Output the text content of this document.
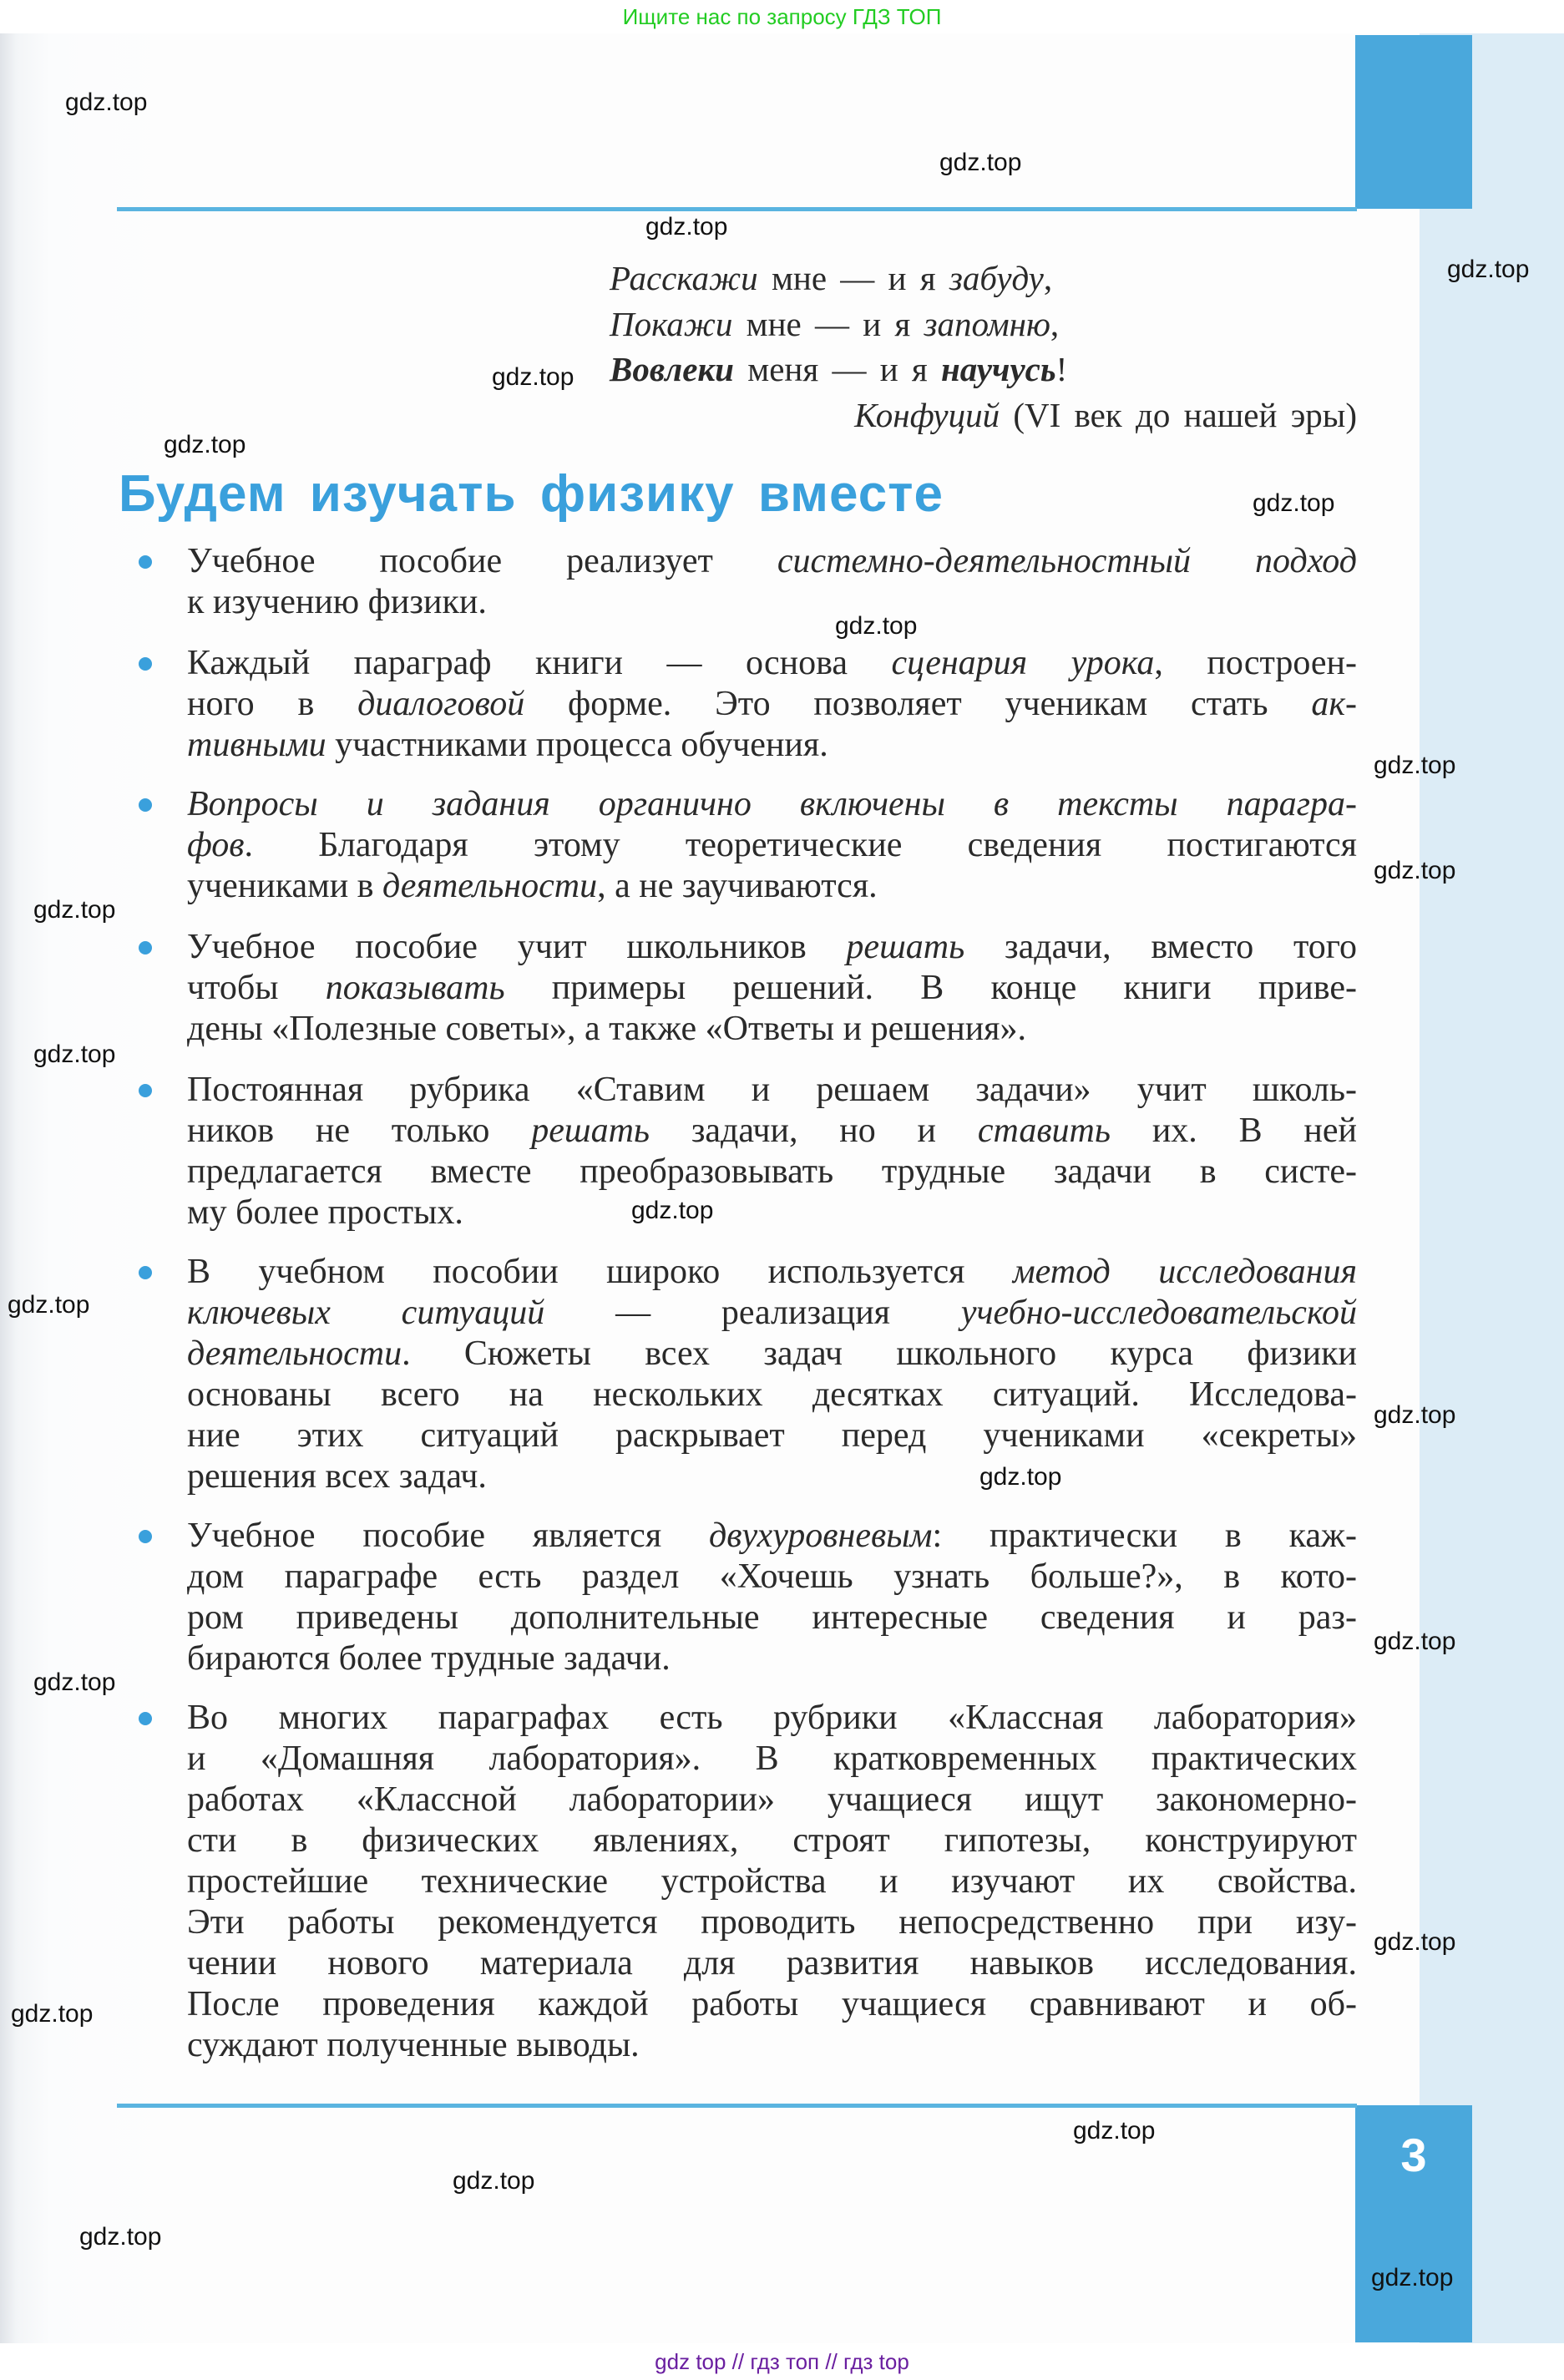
Ищите нас по запросу ГДЗ ТОП
3
Расскажи мне — и я забуду,
Покажи мне — и я запомню,
Вовлеки меня — и я научусь!
Конфуций (VI век до нашей эры)
Будем изучать физику вместе
Учебное пособие реализует системно-деятельностный подход
к изучению физики.
Каждый параграф книги — основа сценария урока, построен-
ного в диалоговой форме. Это позволяет ученикам стать ак-
тивными участниками процесса обучения.
Вопросы и задания органично включены в тексты парагра-
фов. Благодаря этому теоретические сведения постигаются
учениками в деятельности, а не заучиваются.
Учебное пособие учит школьников решать задачи, вместо того
чтобы показывать примеры решений. В конце книги приве-
дены «Полезные советы», а также «Ответы и решения».
Постоянная рубрика «Ставим и решаем задачи» учит школь-
ников не только решать задачи, но и ставить их. В ней
предлагается вместе преобразовывать трудные задачи в систе-
му более простых.
В учебном пособии широко используется метод исследования
ключевых ситуаций — реализация учебно-исследовательской
деятельности. Сюжеты всех задач школьного курса физики
основаны всего на нескольких десятках ситуаций. Исследова-
ние этих ситуаций раскрывает перед учениками «секреты»
решения всех задач.
Учебное пособие является двухуровневым: практически в каж-
дом параграфе есть раздел «Хочешь узнать больше?», в кото-
ром приведены дополнительные интересные сведения и раз-
бираются более трудные задачи.
Во многих параграфах есть рубрики «Классная лаборатория»
и «Домашняя лаборатория». В кратковременных практических
работах «Классной лаборатории» учащиеся ищут закономерно-
сти в физических явлениях, строят гипотезы, конструируют
простейшие технические устройства и изучают их свойства.
Эти работы рекомендуется проводить непосредственно при изу-
чении нового материала для развития навыков исследования.
После проведения каждой работы учащиеся сравнивают и об-
суждают полученные выводы.
gdz.top
gdz.top
gdz.top
gdz.top
gdz.top
gdz.top
gdz.top
gdz.top
gdz.top
gdz.top
gdz.top
gdz.top
gdz.top
gdz.top
gdz.top
gdz.top
gdz.top
gdz.top
gdz.top
gdz.top
gdz.top
gdz.top
gdz.top
gdz.top
gdz top // гдз топ // гдз top
